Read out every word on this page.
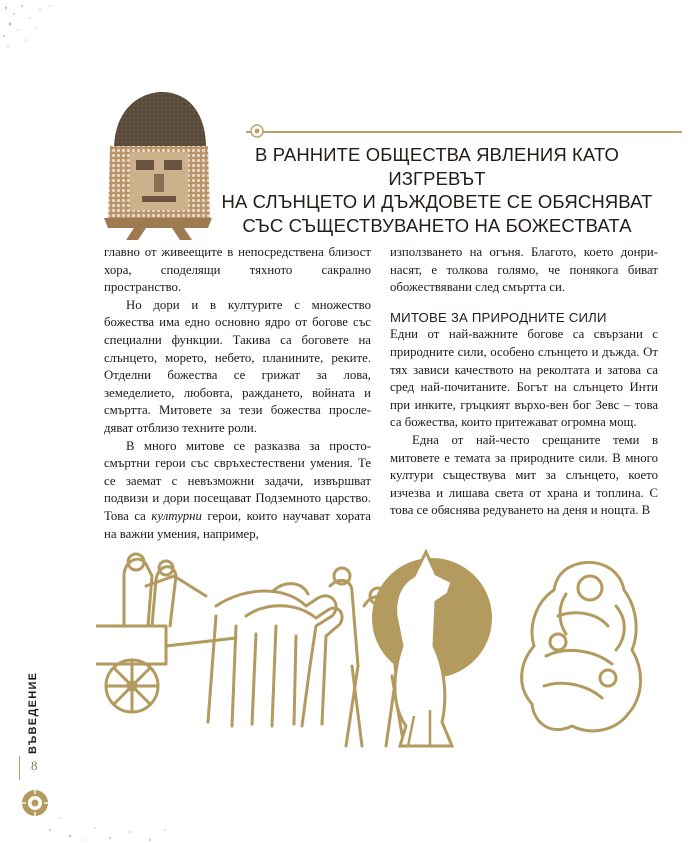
В РАННИТЕ ОБЩЕСТВА ЯВЛЕНИЯ КАТО ИЗГРЕВЪТ
НА СЛЪНЦЕТО И ДЪЖДОВЕТЕ СЕ ОБЯСНЯВАТ
СЪС СЪЩЕСТВУВАНЕТО НА БОЖЕСТВАТА

главно от живеещите в непосредствена близост хора, споделящи тяхното сакрално пространство.

Но дори и в културите с множество божества има едно основно ядро от богове със специални функции. Такива са боговете на слънцето, морето, небето, планините, реките. Отделни божества се грижат за лова, земеделието, любовта, раждането, войната и смъртта. Митовете за тези божества просле-дяват отблизо техните роли.

В много митове се разказва за просто-смъртни герои със свръхестествени умения. Те се заемат с невъзможни задачи, извършват подвизи и дори посещават Подземното царство. Това са културни герои, които научават хората на важни умения, например,

използването на огъня. Благото, което донри-насят, е толкова голямо, че понякога биват обожествявани след смъртта си.

МИТОВЕ ЗА ПРИРОДНИТЕ СИЛИ

Едни от най-важните богове са свързани с природните сили, особено слънцето и дъжда. От тях зависи качеството на реколтата и затова са сред най-почитаните. Богът на слънцето Инти при инките, гръцкият върхо-вен бог Зевс – това са божества, които притежават огромна мощ.

Една от най-често срещаните теми в митовете е темата за природните сили. В много култури съществува мит за слънцето, което изчезва и лишава света от храна и топлина. С това се обяснява редуването на деня и нощта. В

ВЪВЕДЕНИЕ
8
